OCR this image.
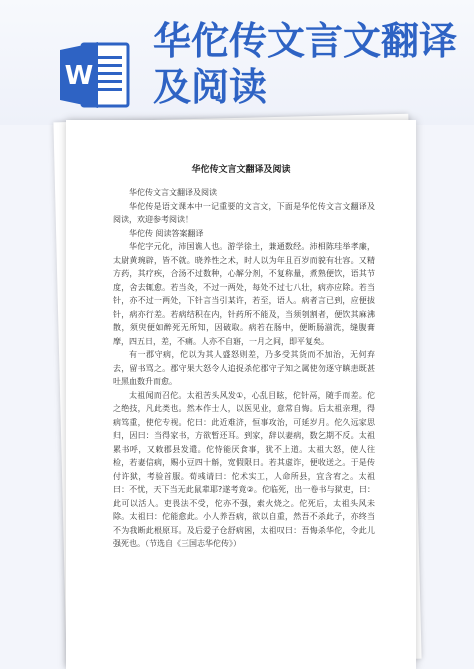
W
华佗传文言文翻译及阅读
华佗传文言文翻译及阅读

华佗传文言文翻译及阅读

华佗传是语文课本中一记重要的文言文，下面是华佗传文言文翻译及阅读，欢迎参考阅读！

华佗传 阅读答案翻译

华佗字元化，沛国谯人也。游学徐土，兼通数经。沛相陈珪举孝廉，太尉黄琬辟，皆不就。晓养性之术，时人以为年且百岁而貌有壮容。又精方药，其疗疾，合汤不过数种，心解分剂，不复称量，煮熟便饮，语其节度，舍去辄愈。若当灸，不过一两处，每处不过七八壮，病亦应除。若当针，亦不过一两处，下针言当引某许，若至，语人。病者言已到，应便拔针，病亦行差。若病结积在内，针药所不能及，当须刳割者，便饮其麻沸散，须臾便如醉死无所知，因破取。病若在肠中，便断肠湔洗，缝腹膏摩，四五日，差，不痛。人亦不自寤，一月之间，即平复矣。

有一郡守病，佗以为其人盛怒则差，乃多受其货而不加治，无何弃去，留书骂之。郡守果大怒令人追捉杀佗郡守子知之属使勿逐守瞋恚既甚吐黑血数升而愈。

太祖闻而召佗。太祖苦头风发①，心乱目眩，佗针鬲，随手而差。佗之绝技，凡此类也。然本作士人，以医见业，意常自悔。后太祖亲理，得病笃重，使佗专视。佗曰：此近难济，恒事攻治，可延岁月。佗久远家思归，因曰：当得家书，方欲暂还耳。到家，辞以妻病，数乞期不反。太祖累书呼，又敕郡县发遣。佗恃能厌食事，犹不上道。太祖大怒，使人往检，若妻信病，赐小豆四十斛，宽假限日。若其虚诈，便收送之。于是传付许狱，考验首服。荀彧请曰：佗术实工，人命所县，宜含宥之。太祖曰：不忧，天下当无此鼠辈耶?遂考竟②。佗临死，出一卷书与狱吏，曰：此可以活人。吏畏法不受，佗亦不强，索火烧之。佗死后，太祖头风未除。太祖曰：佗能愈此。小人养吾病，欲以自重，然吾不杀此子，亦终当不为我断此根原耳。及后爱子仓舒病困，太祖叹曰：吾悔杀华佗，令此儿强死也。（节选自《三国志华佗传》）
